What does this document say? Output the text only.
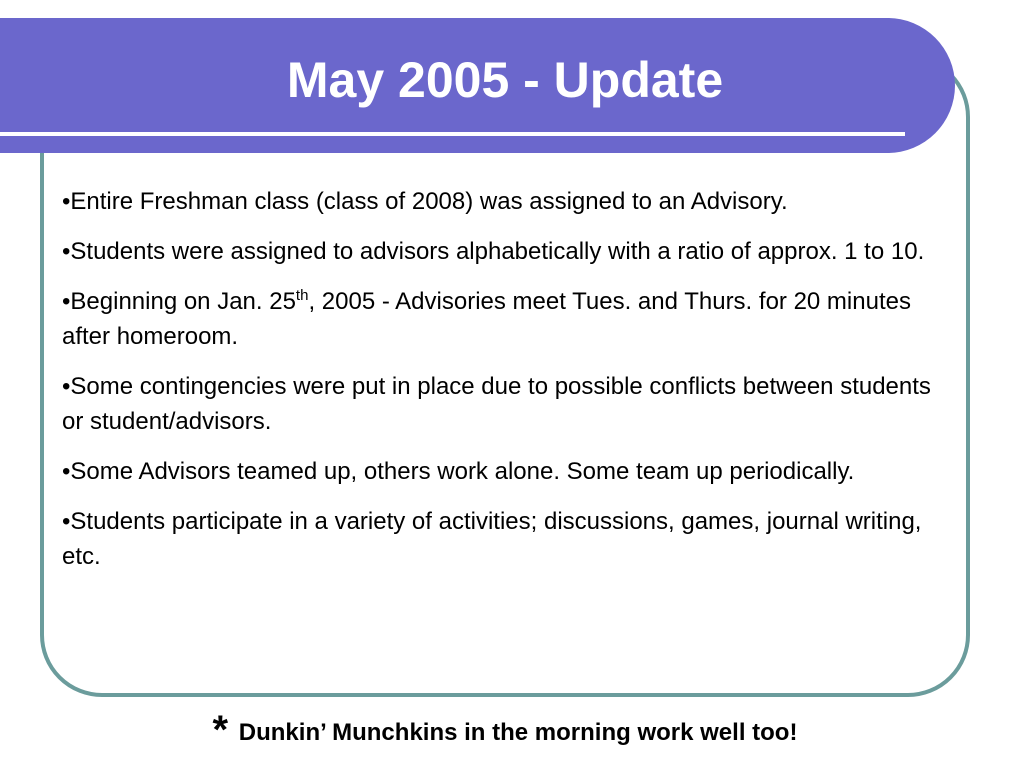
May 2005 - Update
•Entire Freshman class (class of 2008) was assigned to an Advisory.
•Students were assigned to advisors alphabetically with a ratio of approx. 1 to 10.
•Beginning on Jan. 25th, 2005 - Advisories meet Tues. and Thurs. for 20 minutes after homeroom.
•Some contingencies were put in place due to possible conflicts between students or student/advisors.
•Some Advisors teamed up, others work alone. Some team up periodically.
•Students participate in a variety of activities; discussions, games, journal writing, etc.
* Dunkin’ Munchkins in the morning work well too!
